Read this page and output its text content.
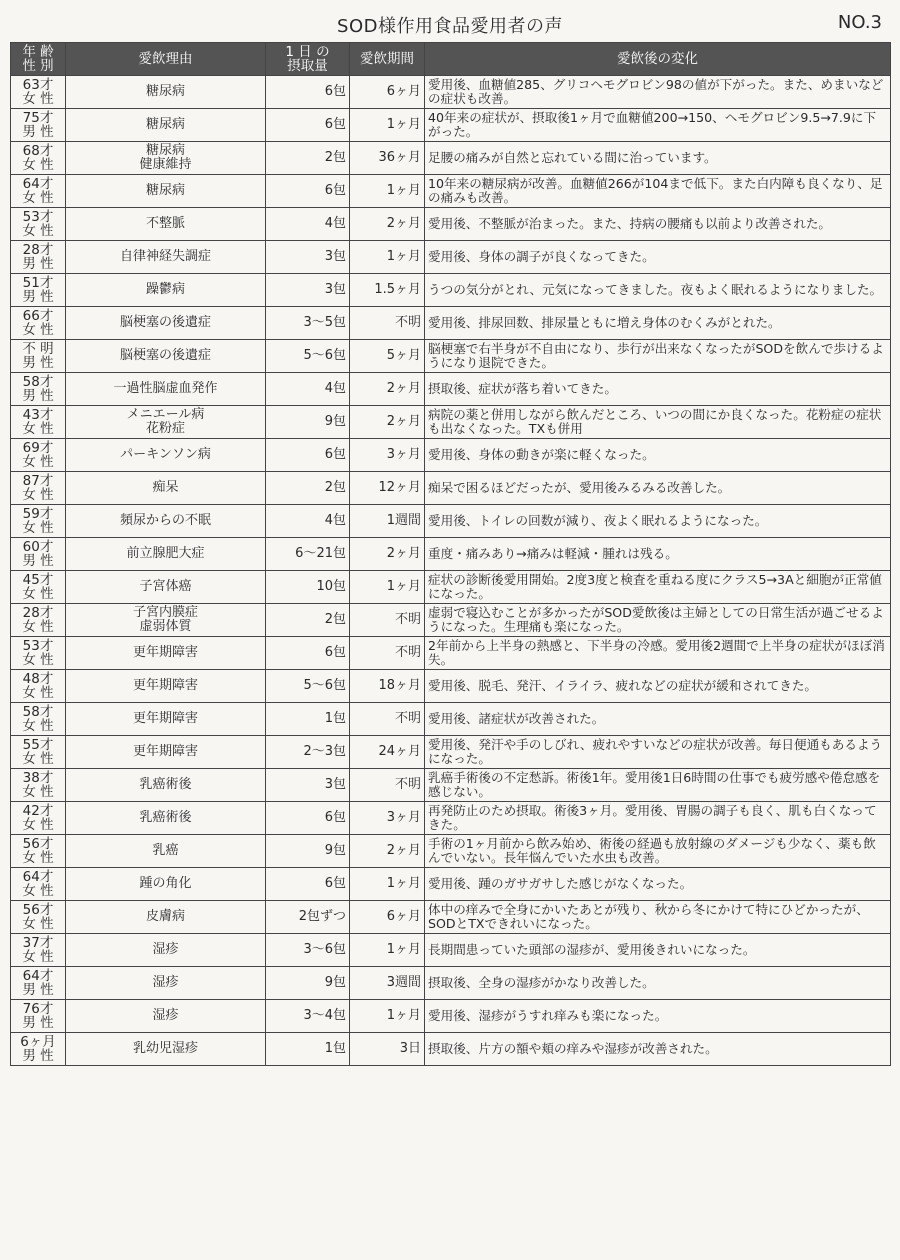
SOD様作用食品愛用者の声	NO.3
年 齢
性 別	愛飲理由	1 日 の
摂取量	愛飲期間	愛飲後の変化

63才
女 性	糖尿病	6包	6ヶ月	愛用後、血糖値285、グリコヘモグロビン98の値が下がった。また、めまいなどの症状も改善。

75才
男 性	糖尿病	6包	1ヶ月	40年来の症状が、摂取後1ヶ月で血糖値200→150、ヘモグロビン9.5→7.9に下がった。

68才
女 性	糖尿病
健康維持	2包	36ヶ月	足腰の痛みが自然と忘れている間に治っています。

64才
女 性	糖尿病	6包	1ヶ月	10年来の糖尿病が改善。血糖値266が104まで低下。また白内障も良くなり、足の痛みも改善。

53才
女 性	不整脈	4包	2ヶ月	愛用後、不整脈が治まった。また、持病の腰痛も以前より改善された。

28才
男 性	自律神経失調症	3包	1ヶ月	愛用後、身体の調子が良くなってきた。

51才
男 性	躁鬱病	3包	1.5ヶ月	うつの気分がとれ、元気になってきました。夜もよく眠れるようになりました。

66才
女 性	脳梗塞の後遺症	3～5包	不明	愛用後、排尿回数、排尿量ともに増え身体のむくみがとれた。

不 明
男 性	脳梗塞の後遺症	5～6包	5ヶ月	脳梗塞で右半身が不自由になり、歩行が出来なくなったがSODを飲んで歩けるようになり退院できた。

58才
男 性	一過性脳虚血発作	4包	2ヶ月	摂取後、症状が落ち着いてきた。

43才
女 性	メニエール病
花粉症	9包	2ヶ月	病院の薬と併用しながら飲んだところ、いつの間にか良くなった。花粉症の症状も出なくなった。TXも併用

69才
女 性	パーキンソン病	6包	3ヶ月	愛用後、身体の動きが楽に軽くなった。

87才
女 性	痴呆	2包	12ヶ月	痴呆で困るほどだったが、愛用後みるみる改善した。

59才
女 性	頻尿からの不眠	4包	1週間	愛用後、トイレの回数が減り、夜よく眠れるようになった。

60才
男 性	前立腺肥大症	6～21包	2ヶ月	重度・痛みあり→痛みは軽減・腫れは残る。

45才
女 性	子宮体癌	10包	1ヶ月	症状の診断後愛用開始。2度3度と検査を重ねる度にクラス5→3Aと細胞が正常値になった。

28才
女 性	子宮内膜症
虚弱体質	2包	不明	虚弱で寝込むことが多かったがSOD愛飲後は主婦としての日常生活が過ごせるようになった。生理痛も楽になった。

53才
女 性	更年期障害	6包	不明	2年前から上半身の熱感と、下半身の冷感。愛用後2週間で上半身の症状がほぼ消失。

48才
女 性	更年期障害	5～6包	18ヶ月	愛用後、脱毛、発汗、イライラ、疲れなどの症状が緩和されてきた。

58才
女 性	更年期障害	1包	不明	愛用後、諸症状が改善された。

55才
女 性	更年期障害	2～3包	24ヶ月	愛用後、発汗や手のしびれ、疲れやすいなどの症状が改善。毎日便通もあるようになった。

38才
女 性	乳癌術後	3包	不明	乳癌手術後の不定愁訴。術後1年。愛用後1日6時間の仕事でも疲労感や倦怠感を感じない。

42才
女 性	乳癌術後	6包	3ヶ月	再発防止のため摂取。術後3ヶ月。愛用後、胃腸の調子も良く、肌も白くなってきた。

56才
女 性	乳癌	9包	2ヶ月	手術の1ヶ月前から飲み始め、術後の経過も放射線のダメージも少なく、薬も飲んでいない。長年悩んでいた水虫も改善。

64才
女 性	踵の角化	6包	1ヶ月	愛用後、踵のガサガサした感じがなくなった。

56才
女 性	皮膚病	2包ずつ	6ヶ月	体中の痒みで全身にかいたあとが残り、秋から冬にかけて特にひどかったが、SODとTXできれいになった。

37才
女 性	湿疹	3～6包	1ヶ月	長期間患っていた頭部の湿疹が、愛用後きれいになった。

64才
男 性	湿疹	9包	3週間	摂取後、全身の湿疹がかなり改善した。

76才
男 性	湿疹	3～4包	1ヶ月	愛用後、湿疹がうすれ痒みも楽になった。

6ヶ月
男 性	乳幼児湿疹	1包	3日	摂取後、片方の額や頬の痒みや湿疹が改善された。
